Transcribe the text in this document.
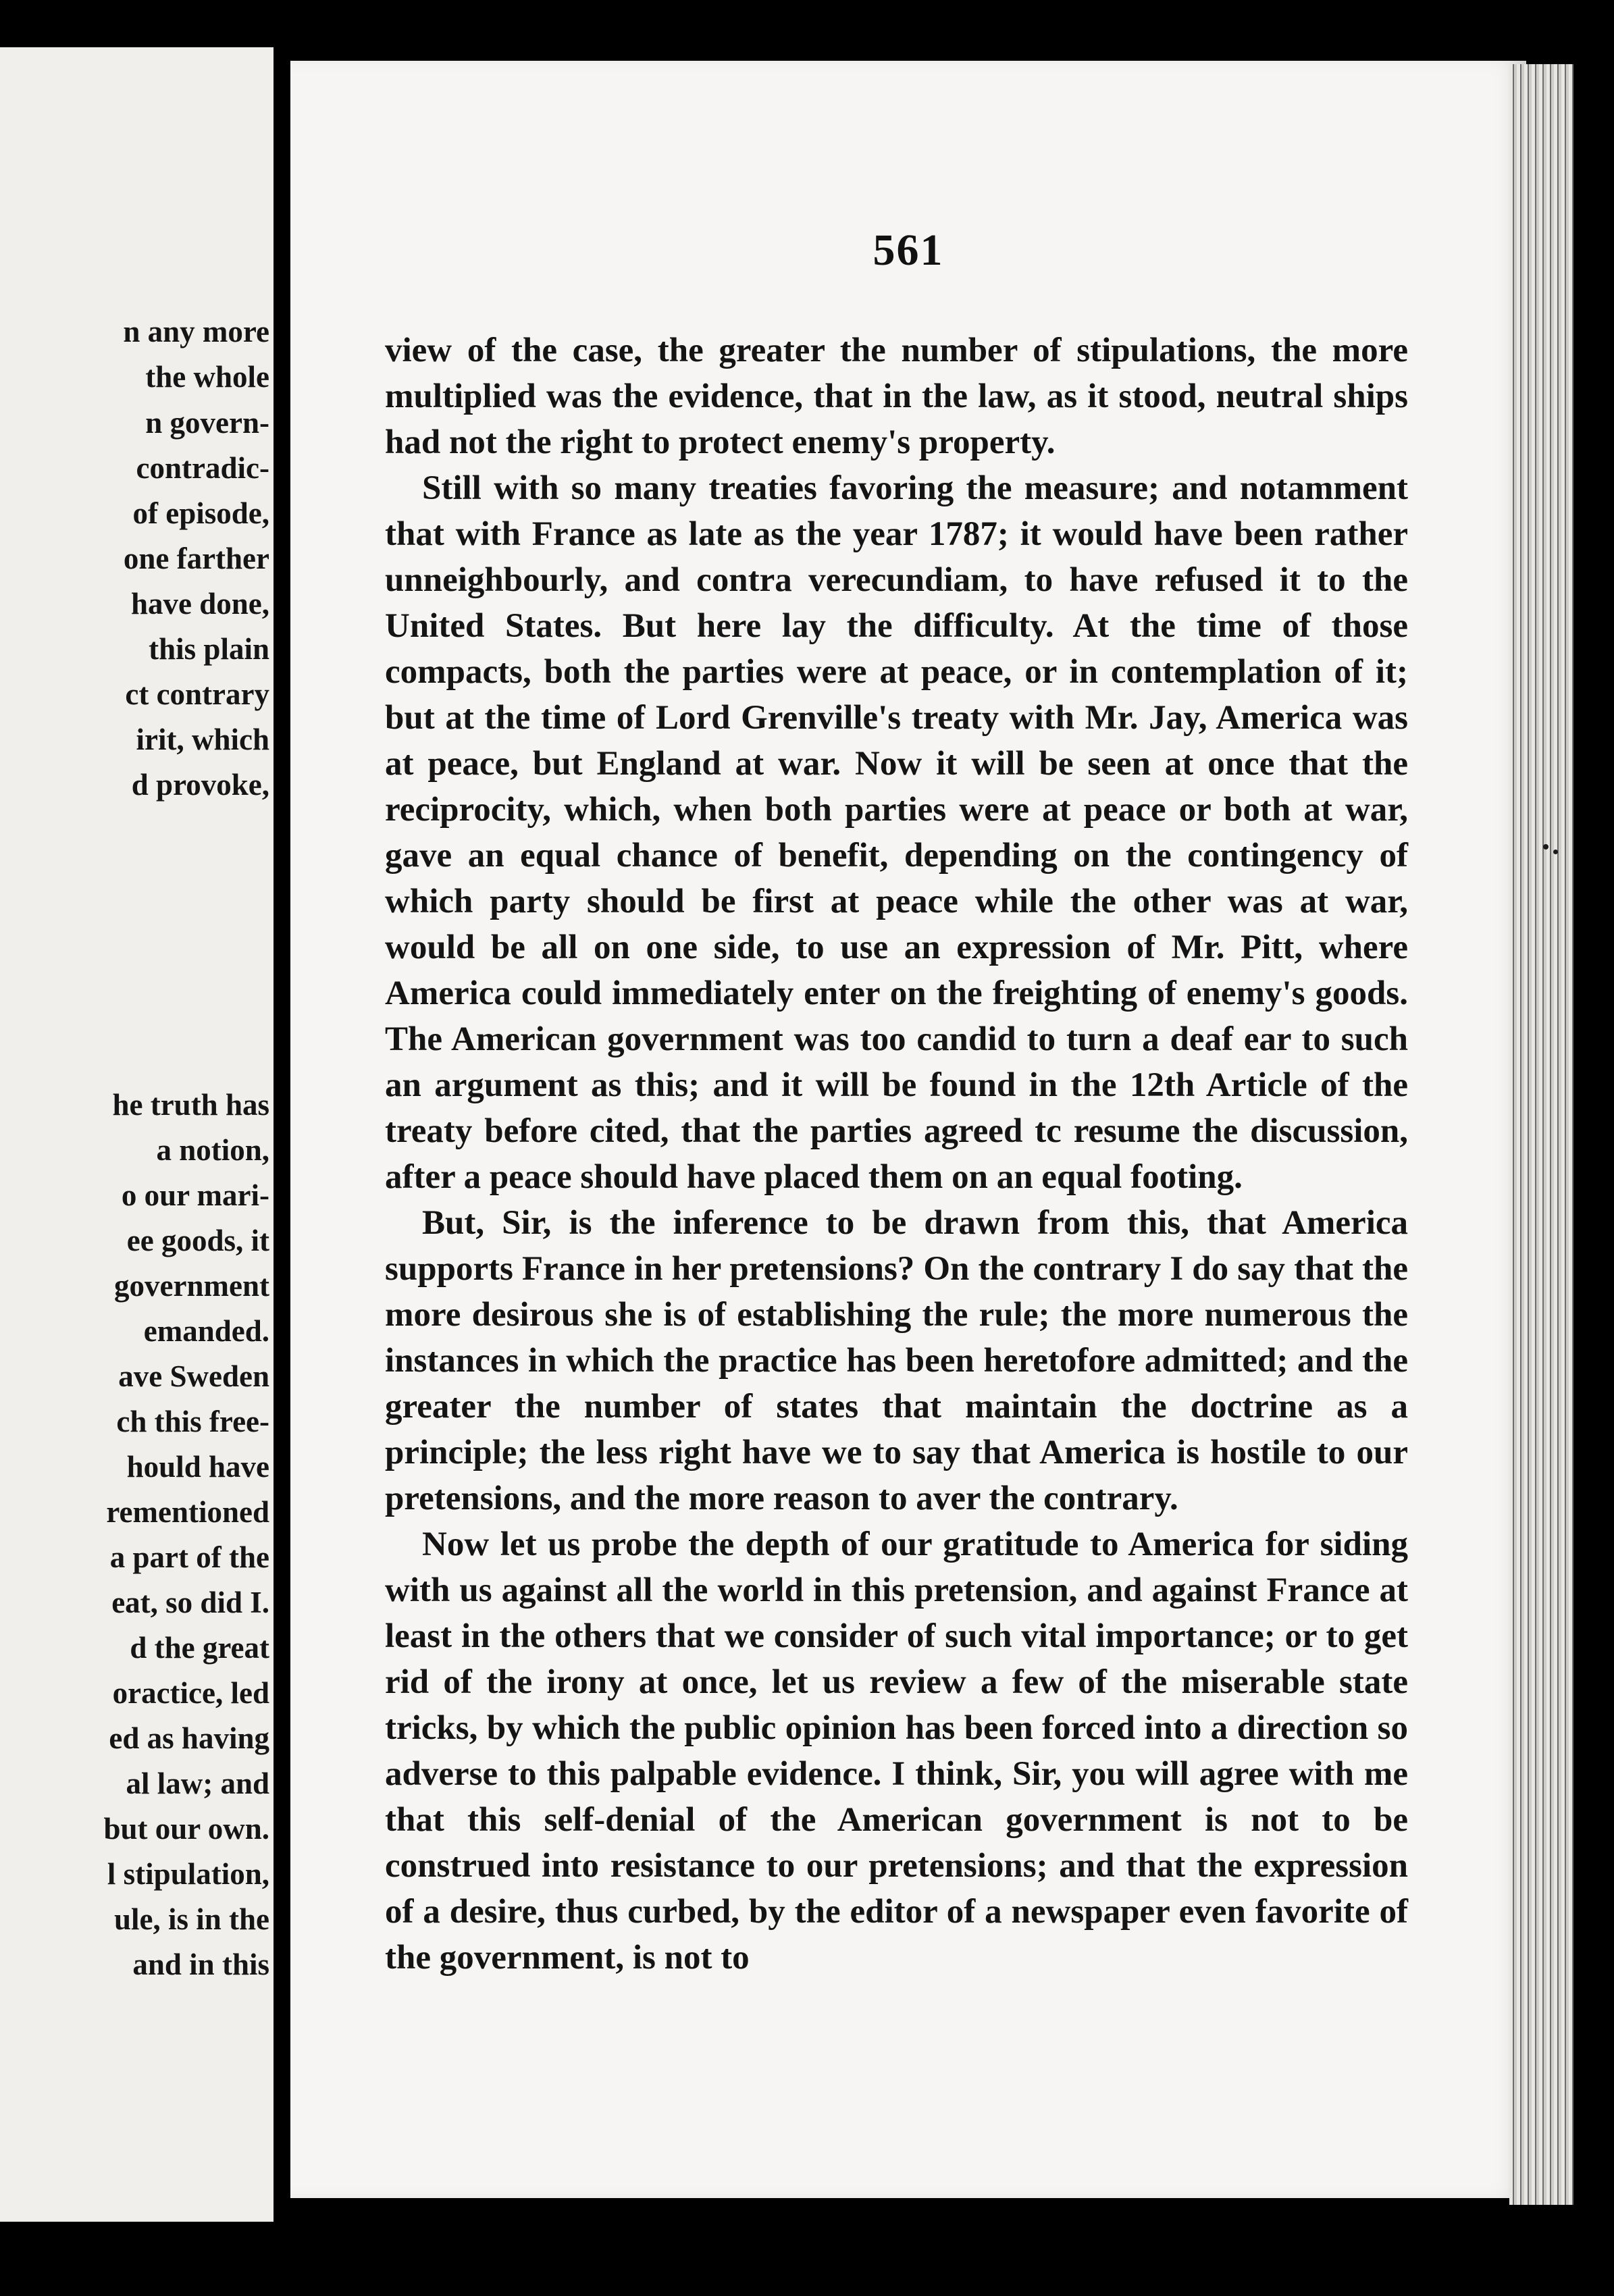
n any more
the whole
n govern-
contradic-
of episode,
one farther
have done,
this plain
ct contrary
irit, which
d provoke,
he truth has
a notion,
o our mari-
ee goods, it
government
emanded.
ave Sweden
ch this free-
hould have
rementioned
a part of the
eat, so did I.
d the great
oractice, led
ed as having
al law; and
but our own.
l stipulation,
ule, is in the
and in this
561

view of the case, the greater the number of stipulations, the more multiplied was the evidence, that in the law, as it stood, neutral ships had not the right to protect enemy's property.

Still with so many treaties favoring the measure; and notamment that with France as late as the year 1787; it would have been rather unneighbourly, and contra verecundiam, to have refused it to the United States. But here lay the difficulty. At the time of those compacts, both the parties were at peace, or in contemplation of it; but at the time of Lord Grenville's treaty with Mr. Jay, America was at peace, but England at war. Now it will be seen at once that the reciprocity, which, when both parties were at peace or both at war, gave an equal chance of benefit, depending on the contingency of which party should be first at peace while the other was at war, would be all on one side, to use an expression of Mr. Pitt, where America could immediately enter on the freighting of enemy's goods. The American government was too candid to turn a deaf ear to such an argument as this; and it will be found in the 12th Article of the treaty before cited, that the parties agreed tc resume the discussion, after a peace should have placed them on an equal footing.

But, Sir, is the inference to be drawn from this, that America supports France in her pretensions? On the contrary I do say that the more desirous she is of establishing the rule; the more numerous the instances in which the practice has been heretofore admitted; and the greater the number of states that maintain the doctrine as a principle; the less right have we to say that America is hostile to our pretensions, and the more reason to aver the contrary.

Now let us probe the depth of our gratitude to America for siding with us against all the world in this pretension, and against France at least in the others that we consider of such vital importance; or to get rid of the irony at once, let us review a few of the miserable state tricks, by which the public opinion has been forced into a direction so adverse to this palpable evidence. I think, Sir, you will agree with me that this self-denial of the American government is not to be construed into resistance to our pretensions; and that the expression of a desire, thus curbed, by the editor of a newspaper even favorite of the government, is not to
